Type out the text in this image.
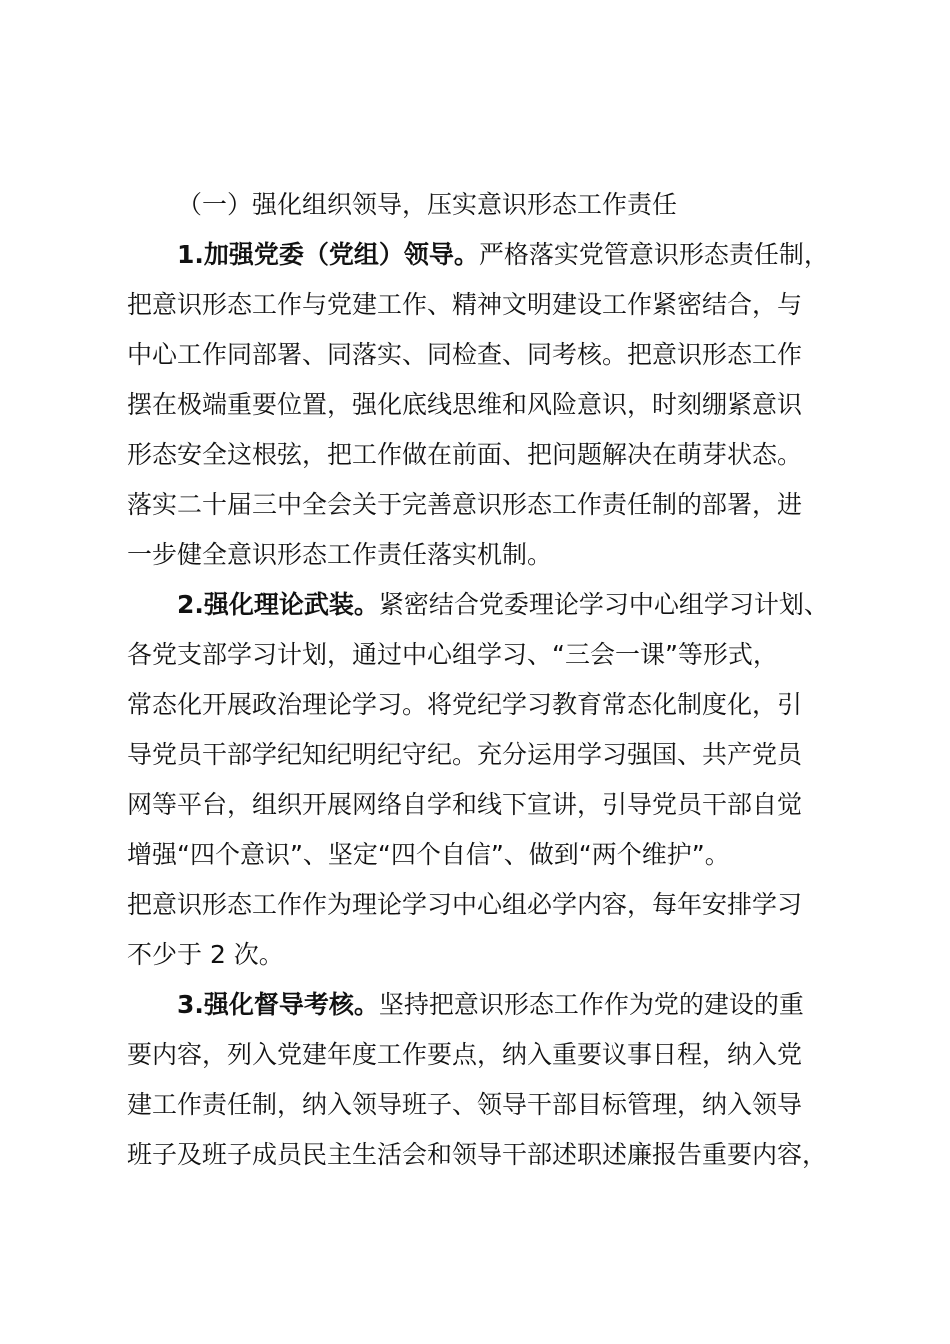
（一）强化组织领导，压实意识形态工作责任
1.加强党委（党组）领导。严格落实党管意识形态责任制，
把意识形态工作与党建工作、精神文明建设工作紧密结合，与
中心工作同部署、同落实、同检查、同考核。把意识形态工作
摆在极端重要位置，强化底线思维和风险意识，时刻绷紧意识
形态安全这根弦，把工作做在前面、把问题解决在萌芽状态。
落实二十届三中全会关于完善意识形态工作责任制的部署，进
一步健全意识形态工作责任落实机制。
2.强化理论武装。紧密结合党委理论学习中心组学习计划、
各党支部学习计划，通过中心组学习、“三会一课”等形式，
常态化开展政治理论学习。将党纪学习教育常态化制度化，引
导党员干部学纪知纪明纪守纪。充分运用学习强国、共产党员
网等平台，组织开展网络自学和线下宣讲，引导党员干部自觉
增强“四个意识”、坚定“四个自信”、做到“两个维护”。
把意识形态工作作为理论学习中心组必学内容，每年安排学习
不少于 2 次。
3.强化督导考核。坚持把意识形态工作作为党的建设的重
要内容，列入党建年度工作要点，纳入重要议事日程，纳入党
建工作责任制，纳入领导班子、领导干部目标管理，纳入领导
班子及班子成员民主生活会和领导干部述职述廉报告重要内容，
